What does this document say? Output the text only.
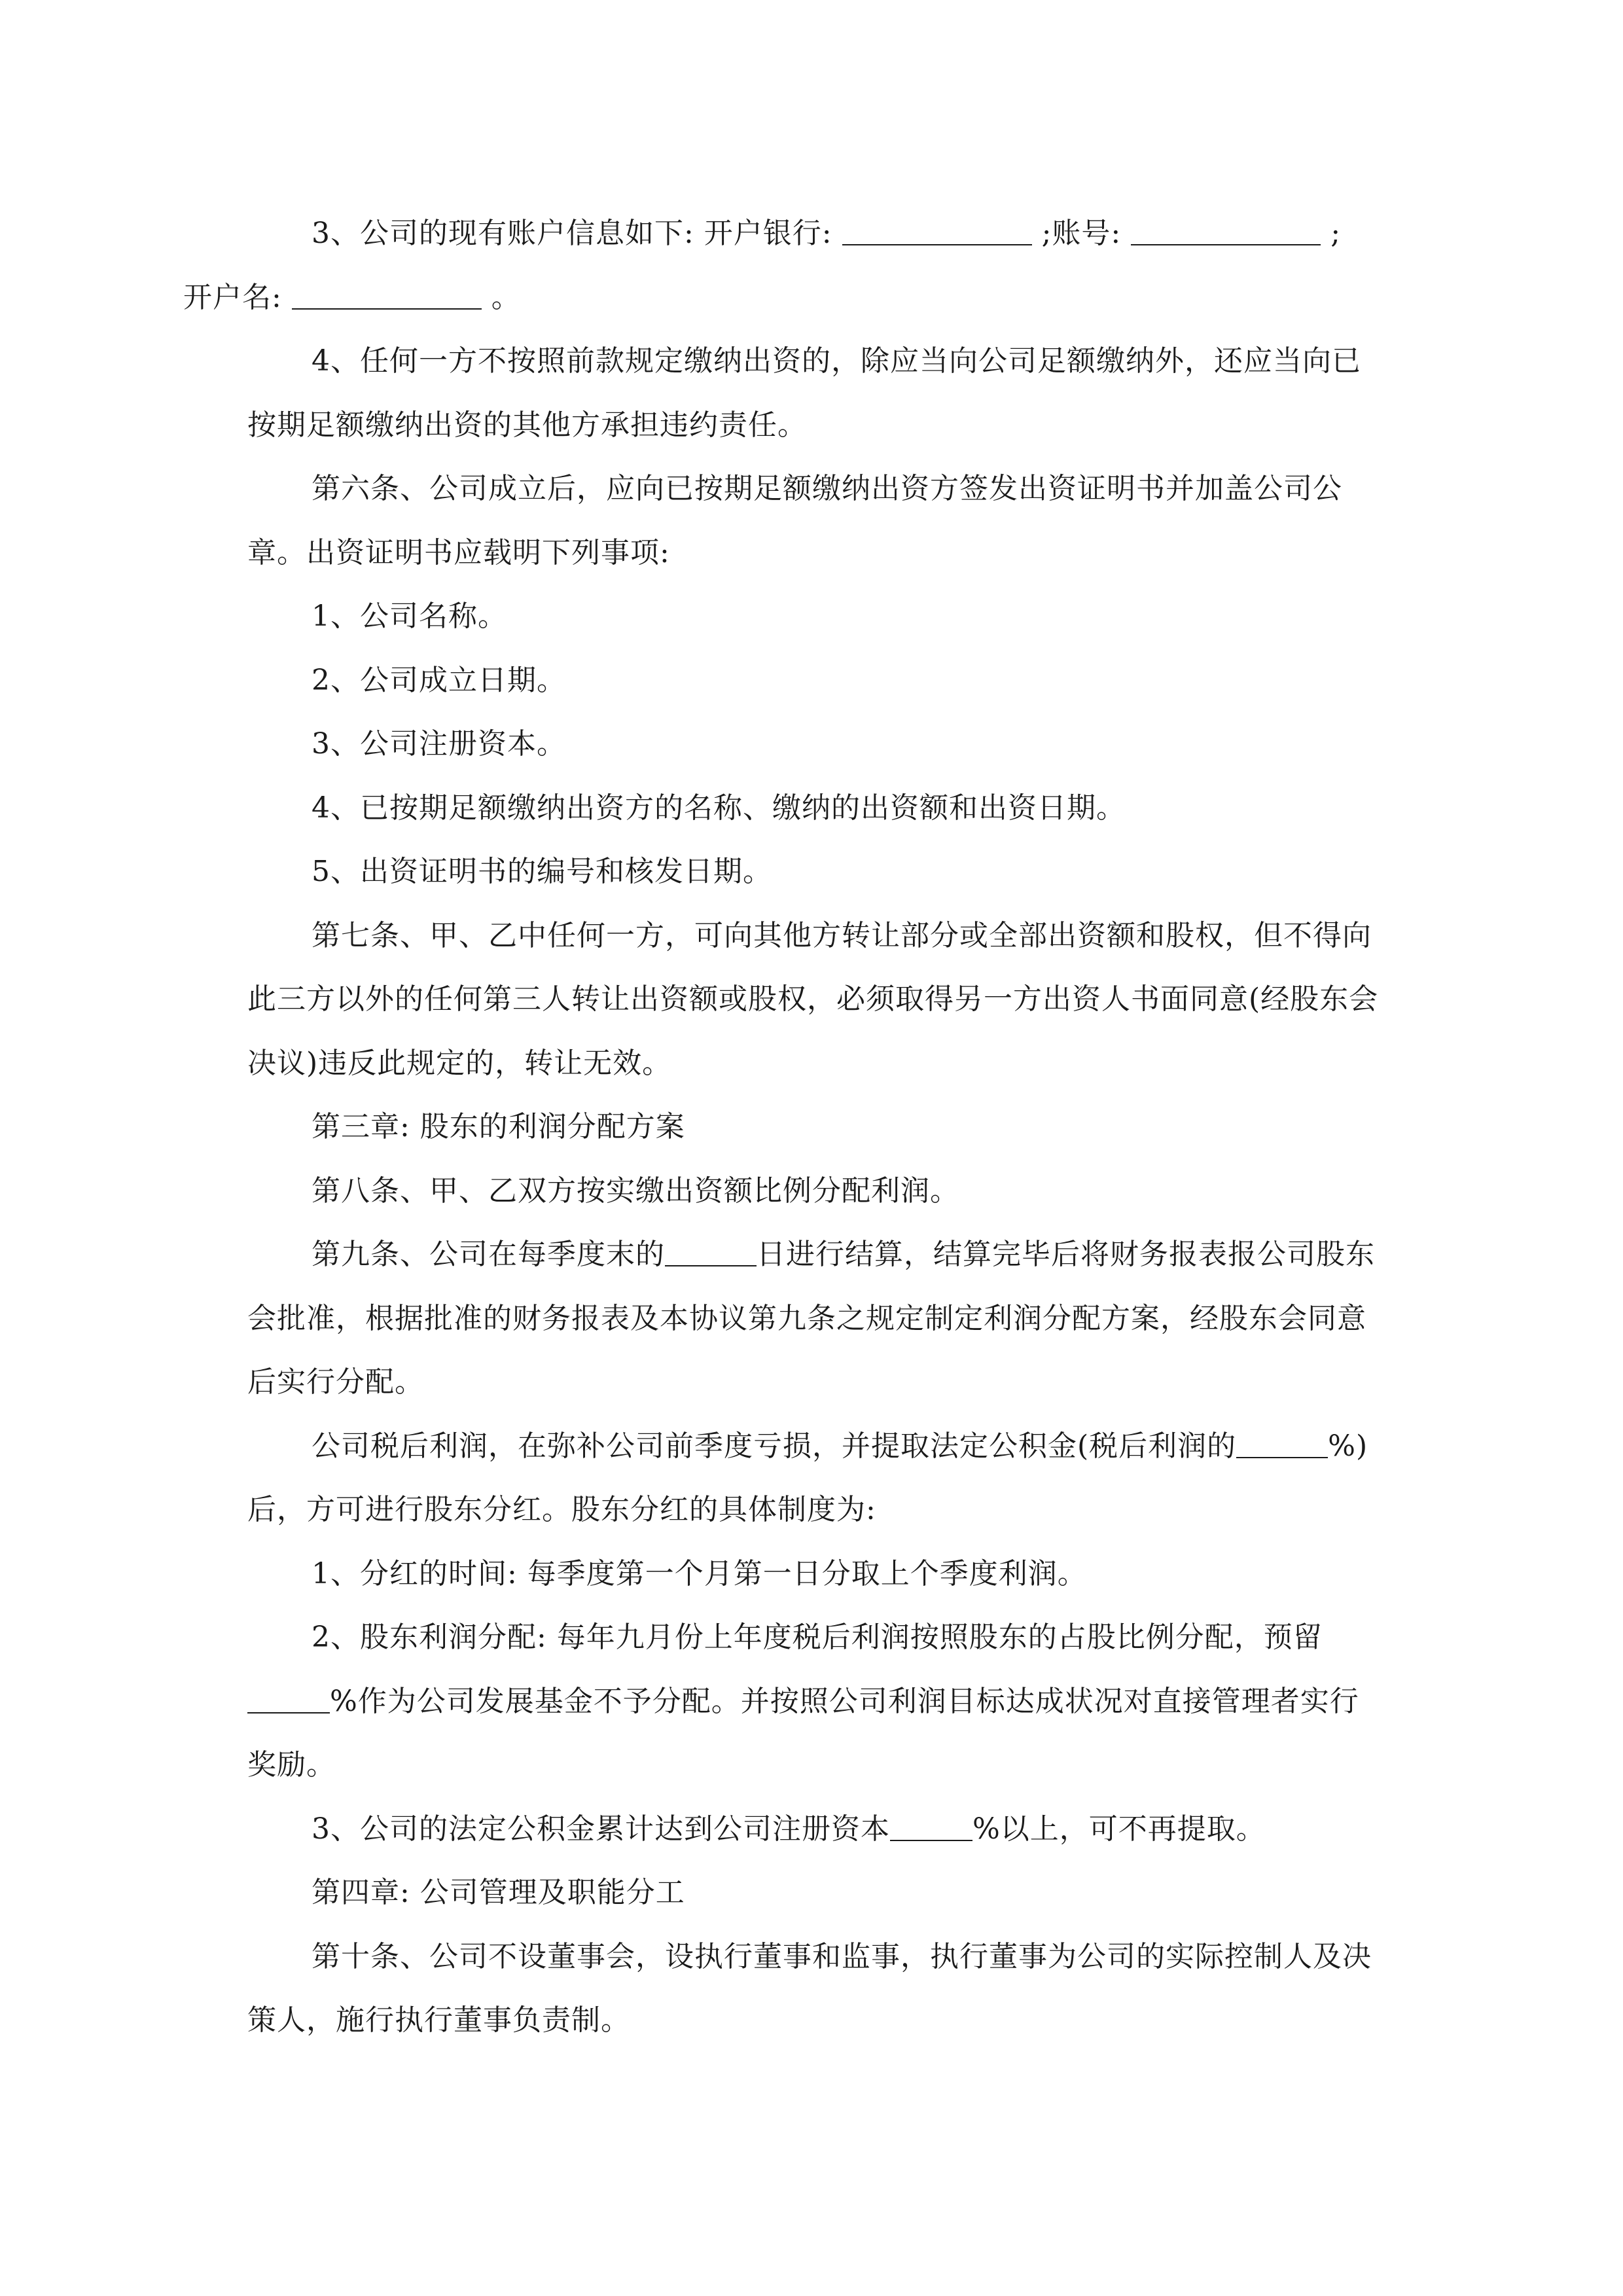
3、公司的现有账户信息如下: 开户银行:	;账号:	;
开户名:	。

4、任何一方不按照前款规定缴纳出资的，除应当向公司足额缴纳外，还应当向已按期足额缴纳出资的其他方承担违约责任。

第六条、公司成立后，应向已按期足额缴纳出资方签发出资证明书并加盖公司公章。出资证明书应载明下列事项:

1、公司名称。

2、公司成立日期。

3、公司注册资本。

4、已按期足额缴纳出资方的名称、缴纳的出资额和出资日期。

5、出资证明书的编号和核发日期。

第七条、甲、乙中任何一方，可向其他方转让部分或全部出资额和股权，但不得向此三方以外的任何第三人转让出资额或股权，必须取得另一方出资人书面同意(经股东会决议)违反此规定的，转让无效。

第三章: 股东的利润分配方案

第八条、甲、乙双方按实缴出资额比例分配利润。

第九条、公司在每季度末的	日进行结算，结算完毕后将财务报表报公司股东会批准，根据批准的财务报表及本协议第九条之规定制定利润分配方案，经股东会同意后实行分配。

公司税后利润，在弥补公司前季度亏损，并提取法定公积金(税后利润的	%)后，方可进行股东分红。股东分红的具体制度为:

1、分红的时间: 每季度第一个月第一日分取上个季度利润。

2、股东利润分配: 每年九月份上年度税后利润按照股东的占股比例分配，预留%作为公司发展基金不予分配。并按照公司利润目标达成状况对直接管理者实行奖励。

3、公司的法定公积金累计达到公司注册资本	%以上，可不再提取。

第四章: 公司管理及职能分工

第十条、公司不设董事会，设执行董事和监事，执行董事为公司的实际控制人及决策人，施行执行董事负责制。
